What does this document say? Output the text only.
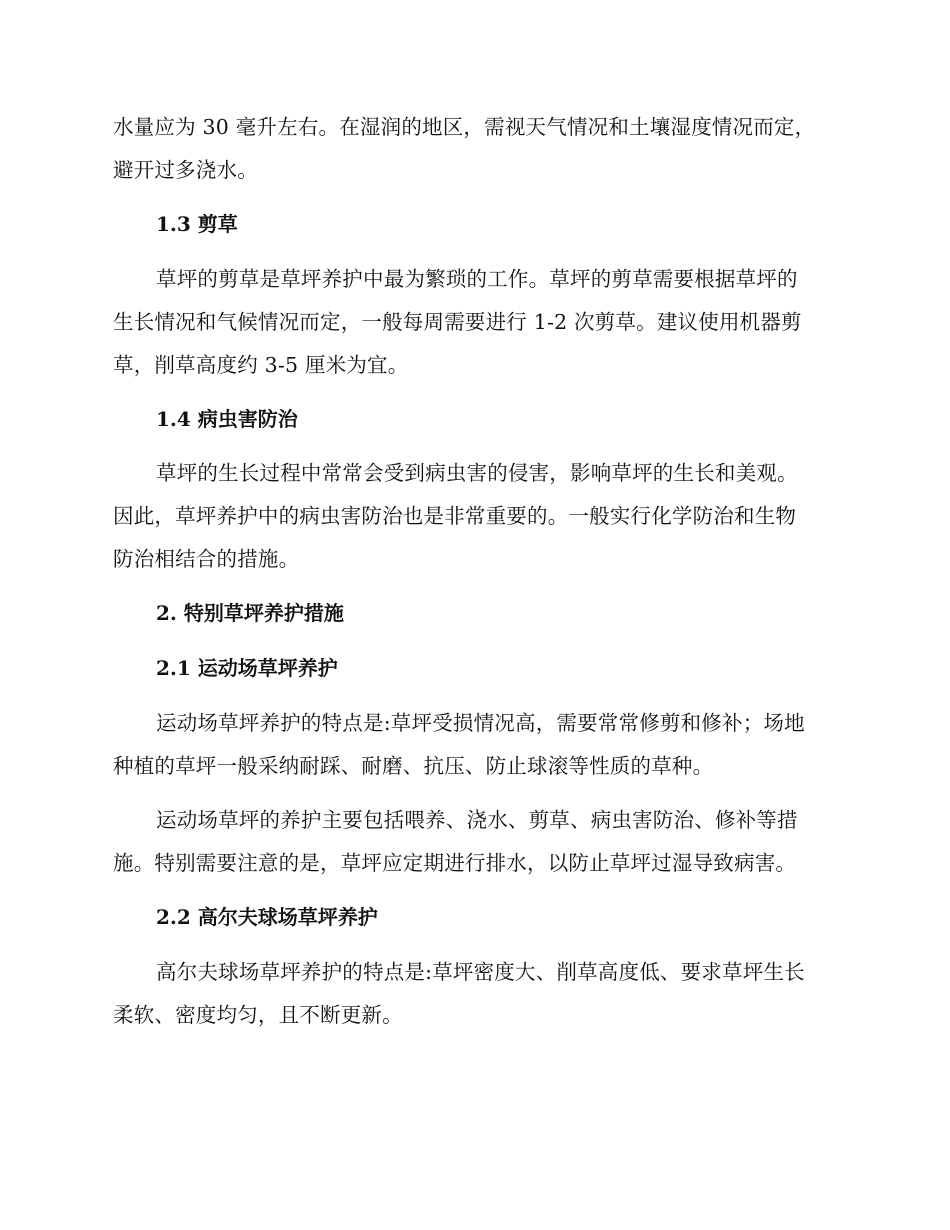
水量应为 30 毫升左右。在湿润的地区，需视天气情况和土壤湿度情况而定，
避开过多浇水。
1.3 剪草
草坪的剪草是草坪养护中最为繁琐的工作。草坪的剪草需要根据草坪的
生长情况和气候情况而定，一般每周需要进行 1-2 次剪草。建议使用机器剪
草，削草高度约 3-5 厘米为宜。
1.4 病虫害防治
草坪的生长过程中常常会受到病虫害的侵害，影响草坪的生长和美观。
因此，草坪养护中的病虫害防治也是非常重要的。一般实行化学防治和生物
防治相结合的措施。
2. 特别草坪养护措施
2.1 运动场草坪养护
运动场草坪养护的特点是:草坪受损情况高，需要常常修剪和修补；场地
种植的草坪一般采纳耐踩、耐磨、抗压、防止球滚等性质的草种。
运动场草坪的养护主要包括喂养、浇水、剪草、病虫害防治、修补等措
施。特别需要注意的是，草坪应定期进行排水，以防止草坪过湿导致病害。
2.2 高尔夫球场草坪养护
高尔夫球场草坪养护的特点是:草坪密度大、削草高度低、要求草坪生长
柔软、密度均匀，且不断更新。
